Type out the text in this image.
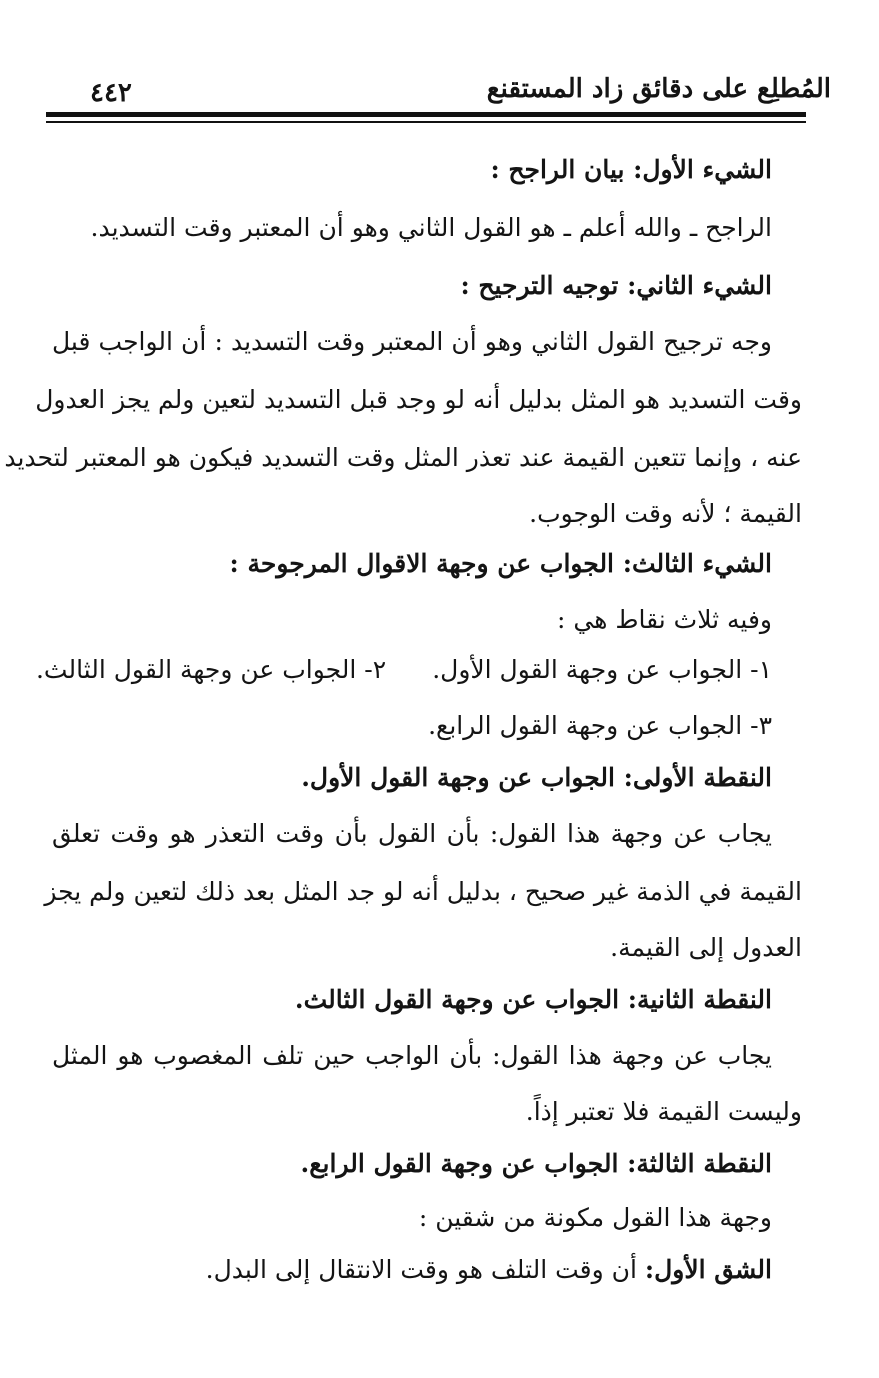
٤٤٢	المُطلِع على دقائق زاد المستقنع
الشيء الأول: بيان الراجح :
الراجح ـ والله أعلم ـ هو القول الثاني وهو أن المعتبر وقت التسديد.
الشيء الثاني: توجيه الترجيح :
وجه ترجيح القول الثاني وهو أن المعتبر وقت التسديد : أن الواجب قبل
وقت التسديد هو المثل بدليل أنه لو وجد قبل التسديد لتعين ولم يجز العدول
عنه ، وإنما تتعين القيمة عند تعذر المثل وقت التسديد فيكون هو المعتبر لتحديد
القيمة ؛ لأنه وقت الوجوب.
الشيء الثالث: الجواب عن وجهة الاقوال المرجوحة :
وفيه ثلاث نقاط هي :
١- الجواب عن وجهة القول الأول.
٢- الجواب عن وجهة القول الثالث.
٣- الجواب عن وجهة القول الرابع.
النقطة الأولى: الجواب عن وجهة القول الأول.
يجاب عن وجهة هذا القول: بأن القول بأن وقت التعذر هو وقت تعلق
القيمة في الذمة غير صحيح ، بدليل أنه لو جد المثل بعد ذلك لتعين ولم يجز
العدول إلى القيمة.
النقطة الثانية: الجواب عن وجهة القول الثالث.
يجاب عن وجهة هذا القول: بأن الواجب حين تلف المغصوب هو المثل
وليست القيمة فلا تعتبر إذاً.
النقطة الثالثة: الجواب عن وجهة القول الرابع.
وجهة هذا القول مكونة من شقين :
الشق الأول: أن وقت التلف هو وقت الانتقال إلى البدل.
